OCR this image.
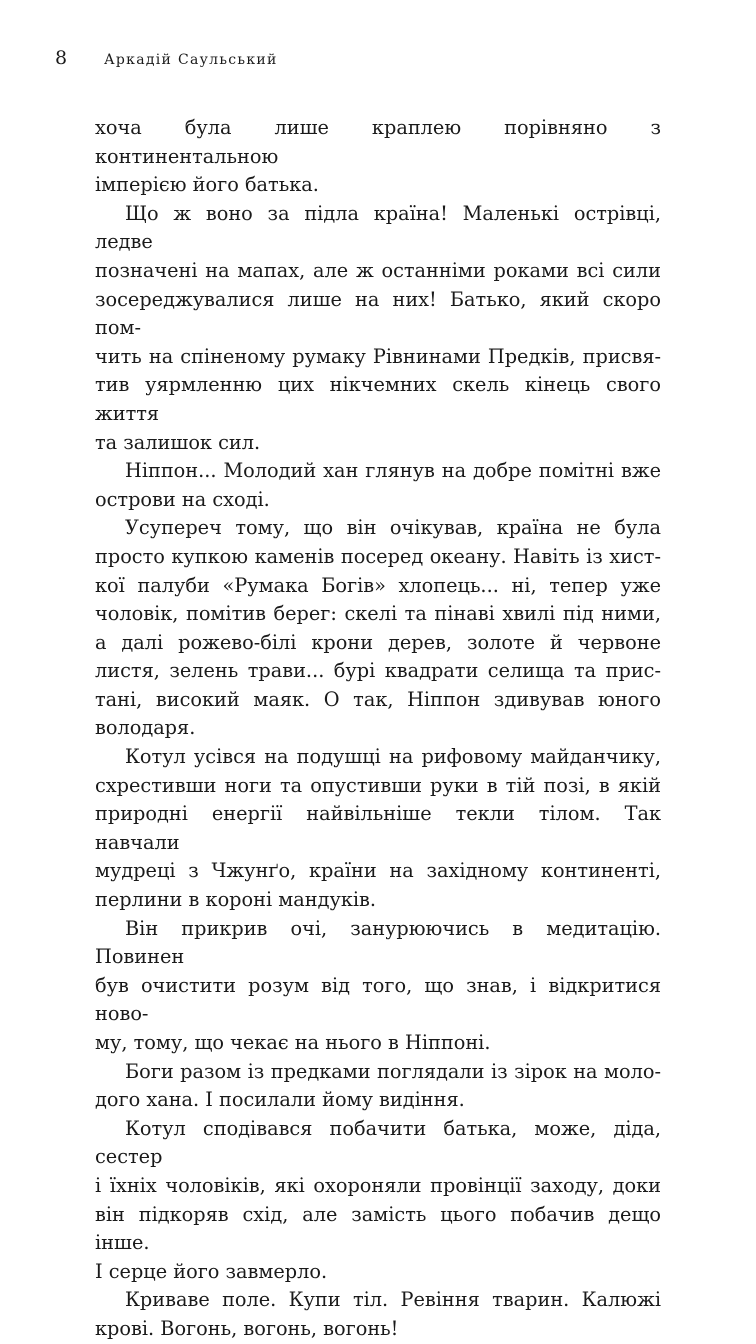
8	Аркадій Саульський

хоча була лише краплею порівняно з континентальною

імперією його батька.

Що ж воно за підла країна! Маленькі острівці, ледве

позначені на мапах, але ж останніми роками всі сили

зосереджувалися лише на них! Батько, який скоро пом-

чить на спіненому румаку Рівнинами Предків, присвя-

тив уярмленню цих нікчемних скель кінець свого життя

та залишок сил.

Ніппон... Молодий хан глянув на добре помітні вже

острови на сході.

Усупереч тому, що він очікував, країна не була

просто купкою каменів посеред океану. Навіть із хист-

кої палуби «Румака Богів» хлопець... ні, тепер уже

чоловік, помітив берег: скелі та пінаві хвилі під ними,

а далі рожево-білі крони дерев, золоте й червоне

листя, зелень трави... бурі квадрати селища та прис-

тані, високий маяк. О так, Ніппон здивував юного

володаря.

Котул усівся на подушці на рифовому майданчику,

схрестивши ноги та опустивши руки в тій позі, в якій

природні енергії найвільніше текли тілом. Так навчали

мудреці з Чжунґо, країни на західному континенті,

перлини в короні мандуків.

Він прикрив очі, занурюючись в медитацію. Повинен

був очистити розум від того, що знав, і відкритися ново-

му, тому, що чекає на нього в Ніппоні.

Боги разом із предками поглядали із зірок на моло-

дого хана. І посилали йому видіння.

Котул сподівався побачити батька, може, діда, сестер

і їхніх чоловіків, які охороняли провінції заходу, доки

він підкоряв схід, але замість цього побачив дещо інше.

І серце його завмерло.

Криваве поле. Купи тіл. Ревіння тварин. Калюжі

крові. Вогонь, вогонь, вогонь!
